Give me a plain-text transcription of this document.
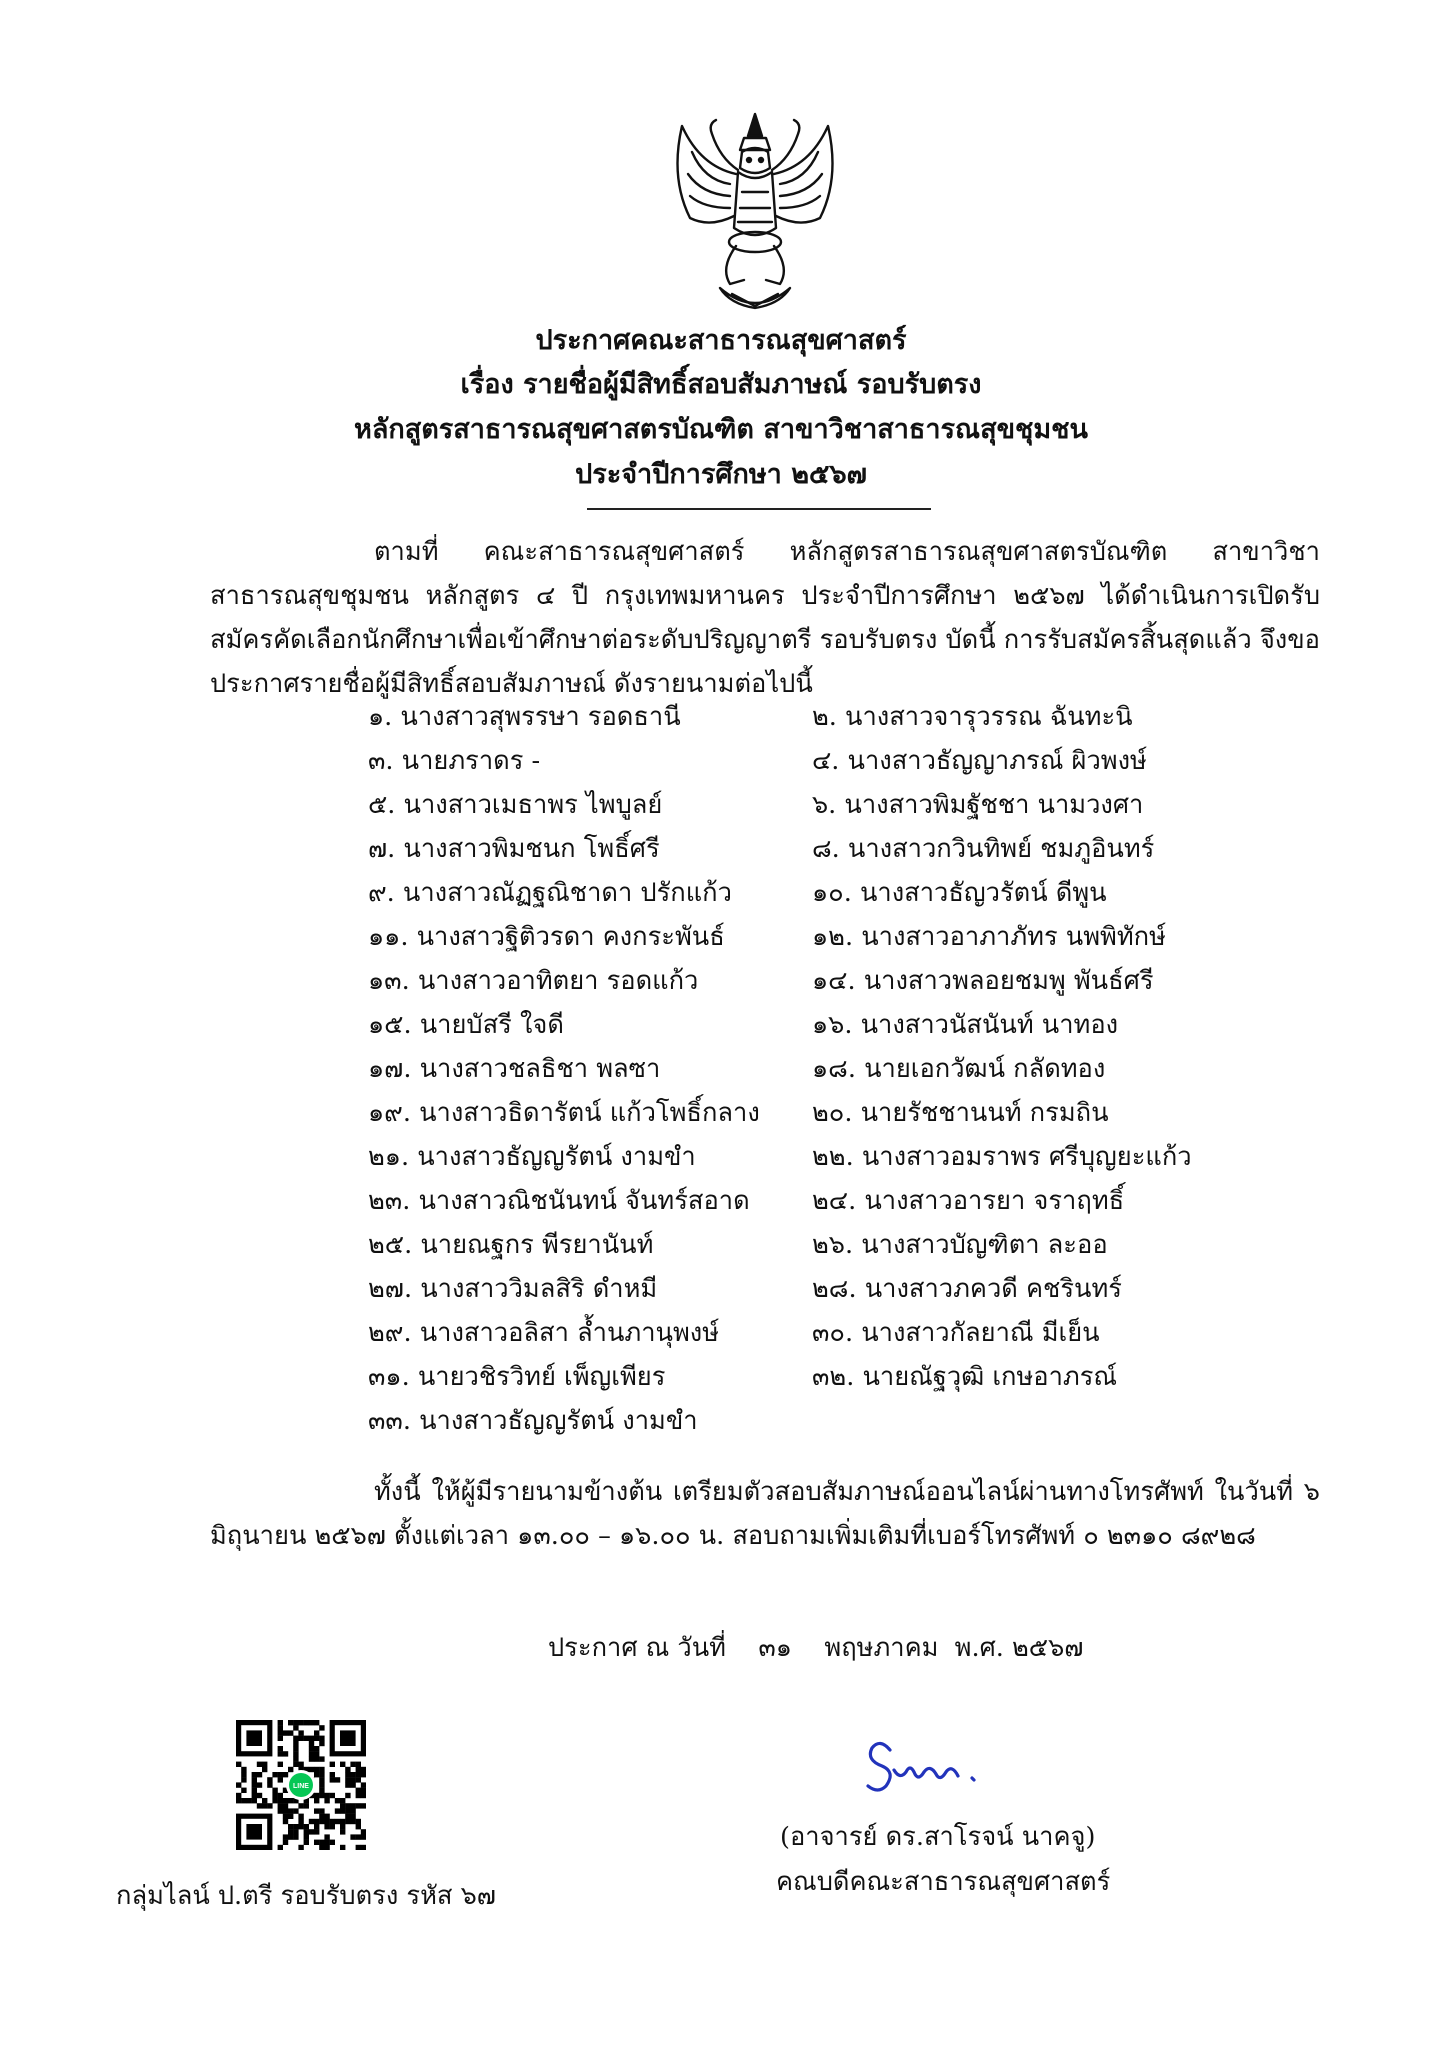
ประกาศคณะสาธารณสุขศาสตร์
เรื่อง รายชื่อผู้มีสิทธิ์สอบสัมภาษณ์ รอบรับตรง
หลักสูตรสาธารณสุขศาสตรบัณฑิต สาขาวิชาสาธารณสุขชุมชน
ประจำปีการศึกษา ๒๕๖๗
ตามที่ คณะสาธารณสุขศาสตร์ หลักสูตรสาธารณสุขศาสตรบัณฑิต สาขาวิชาสาธารณสุขชุมชน หลักสูตร ๔ ปี กรุงเทพมหานคร ประจำปีการศึกษา ๒๕๖๗ ได้ดำเนินการเปิดรับสมัครคัดเลือกนักศึกษาเพื่อเข้าศึกษาต่อระดับปริญญาตรี รอบรับตรง บัดนี้ การรับสมัครสิ้นสุดแล้ว จึงขอประกาศรายชื่อผู้มีสิทธิ์สอบสัมภาษณ์ ดังรายนามต่อไปนี้
๑. นางสาวสุพรรษา รอดธานี	๒. นางสาวจารุวรรณ ฉันทะนิ
๓. นายภราดร -	๔. นางสาวธัญญาภรณ์ ผิวพงษ์
๕. นางสาวเมธาพร ไพบูลย์	๖. นางสาวพิมฐัชชา นามวงศา
๗. นางสาวพิมชนก โพธิ์ศรี	๘. นางสาวกวินทิพย์ ชมภูอินทร์
๙. นางสาวณัฏฐณิชาดา ปรักแก้ว	๑๐. นางสาวธัญวรัตน์ ดีพูน
๑๑. นางสาวฐิติวรดา คงกระพันธ์	๑๒. นางสาวอาภาภัทร นพพิทักษ์
๑๓. นางสาวอาทิตยา รอดแก้ว	๑๔. นางสาวพลอยชมพู พันธ์ศรี
๑๕. นายบัสรี ใจดี	๑๖. นางสาวนัสนันท์ นาทอง
๑๗. นางสาวชลธิชา พลซา	๑๘. นายเอกวัฒน์ กลัดทอง
๑๙. นางสาวธิดารัตน์ แก้วโพธิ์กลาง ๒๐. นายรัชชานนท์ กรมถิน
๒๑. นางสาวธัญญรัตน์ งามขำ	๒๒. นางสาวอมราพร ศรีบุญยะแก้ว
๒๓. นางสาวณิชนันทน์ จันทร์สอาด ๒๔. นางสาวอารยา จราฤทธิ์
๒๕. นายณฐกร พีรยานันท์	๒๖. นางสาวบัญฑิตา ละออ
๒๗. นางสาววิมลสิริ ดำหมี	๒๘. นางสาวภควดี คชรินทร์
๒๙. นางสาวอลิสา ล้ำนภานุพงษ์	๓๐. นางสาวกัลยาณี มีเย็น
๓๑. นายวชิรวิทย์ เพ็ญเพียร	๓๒. นายณัฐวุฒิ เกษอาภรณ์
๓๓. นางสาวธัญญรัตน์ งามขำ
ทั้งนี้ ให้ผู้มีรายนามข้างต้น เตรียมตัวสอบสัมภาษณ์ออนไลน์ผ่านทางโทรศัพท์ ในวันที่ ๖ มิถุนายน ๒๕๖๗ ตั้งแต่เวลา ๑๓.๐๐ – ๑๖.๐๐ น. สอบถามเพิ่มเติมที่เบอร์โทรศัพท์ ๐ ๒๓๑๐ ๘๙๒๘
ประกาศ ณ วันที่    ๓๑    พฤษภาคม  พ.ศ. ๒๕๖๗
LINE
กลุ่มไลน์ ป.ตรี รอบรับตรง รหัส ๖๗
(อาจารย์ ดร.สาโรจน์ นาคจู)
คณบดีคณะสาธารณสุขศาสตร์
